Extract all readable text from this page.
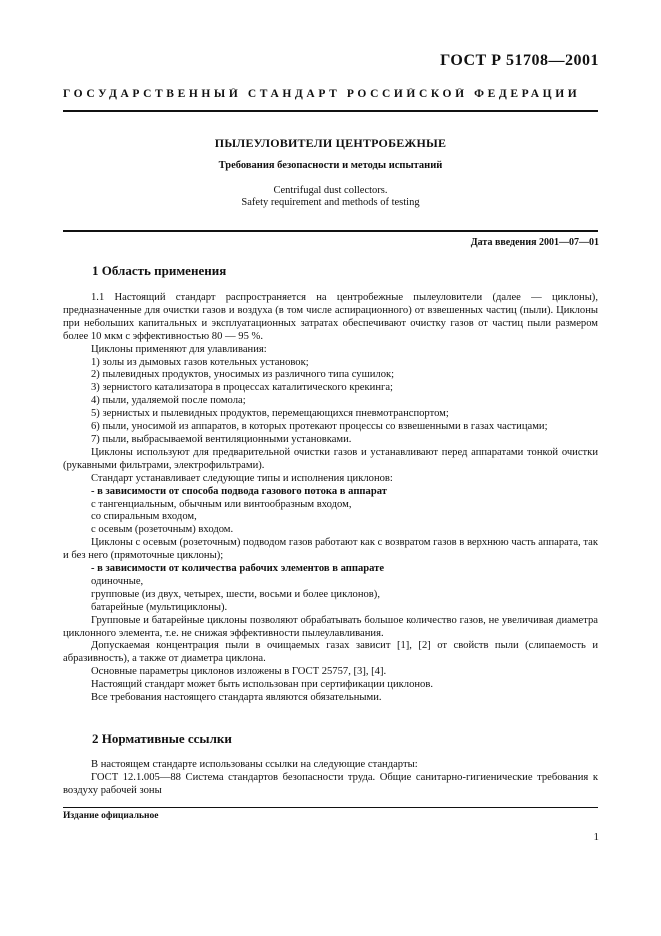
ГОСТ Р 51708—2001
ГОСУДАРСТВЕННЫЙ СТАНДАРТ РОССИЙСКОЙ ФЕДЕРАЦИИ
ПЫЛЕУЛОВИТЕЛИ ЦЕНТРОБЕЖНЫЕ
Требования безопасности и методы испытаний
Centrifugal dust collectors.
Safety requirement and methods of testing
Дата введения 2001—07—01
1 Область применения

1.1 Настоящий стандарт распространяется на центробежные пылеуловители (далее — циклоны), предназначенные для очистки газов и воздуха (в том числе аспирационного) от взвешенных частиц (пыли). Циклоны при небольших капитальных и эксплуатационных затратах обеспечивают очистку газов от частиц пыли размером более 10 мкм с эффективностью 80 — 95 %.

Циклоны применяют для улавливания:

1) золы из дымовых газов котельных установок;

2) пылевидных продуктов, уносимых из различного типа сушилок;

3) зернистого катализатора в процессах каталитического крекинга;

4) пыли, удаляемой после помола;

5) зернистых и пылевидных продуктов, перемещающихся пневмотранспортом;

6) пыли, уносимой из аппаратов, в которых протекают процессы со взвешенными в газах частицами;

7) пыли, выбрасываемой вентиляционными установками.

Циклоны используют для предварительной очистки газов и устанавливают перед аппаратами тонкой очистки (рукавными фильтрами, электрофильтрами).

Стандарт устанавливает следующие типы и исполнения циклонов:

- в зависимости от способа подвода газового потока в аппарат

с тангенциальным, обычным или винтообразным входом,

со спиральным входом,

с осевым (розеточным) входом.

Циклоны с осевым (розеточным) подводом газов работают как с возвратом газов в верхнюю часть аппарата, так и без него (прямоточные циклоны);

- в зависимости от количества рабочих элементов в аппарате

одиночные,

групповые (из двух, четырех, шести, восьми и более циклонов),

батарейные (мультициклоны).

Групповые и батарейные циклоны позволяют обрабатывать большое количество газов, не увеличивая диаметра циклонного элемента, т.е. не снижая эффективности пылеулавливания.

Допускаемая концентрация пыли в очищаемых газах зависит [1], [2] от свойств пыли (слипаемость и абразивность), а также от диаметра циклона.

Основные параметры циклонов изложены в ГОСТ 25757, [3], [4].

Настоящий стандарт может быть использован при сертификации циклонов.

Все требования настоящего стандарта являются обязательными.

2 Нормативные ссылки

В настоящем стандарте использованы ссылки на следующие стандарты:

ГОСТ 12.1.005—88 Система стандартов безопасности труда. Общие санитарно-гигиенические требования к воздуху рабочей зоны

Издание официальное
1
